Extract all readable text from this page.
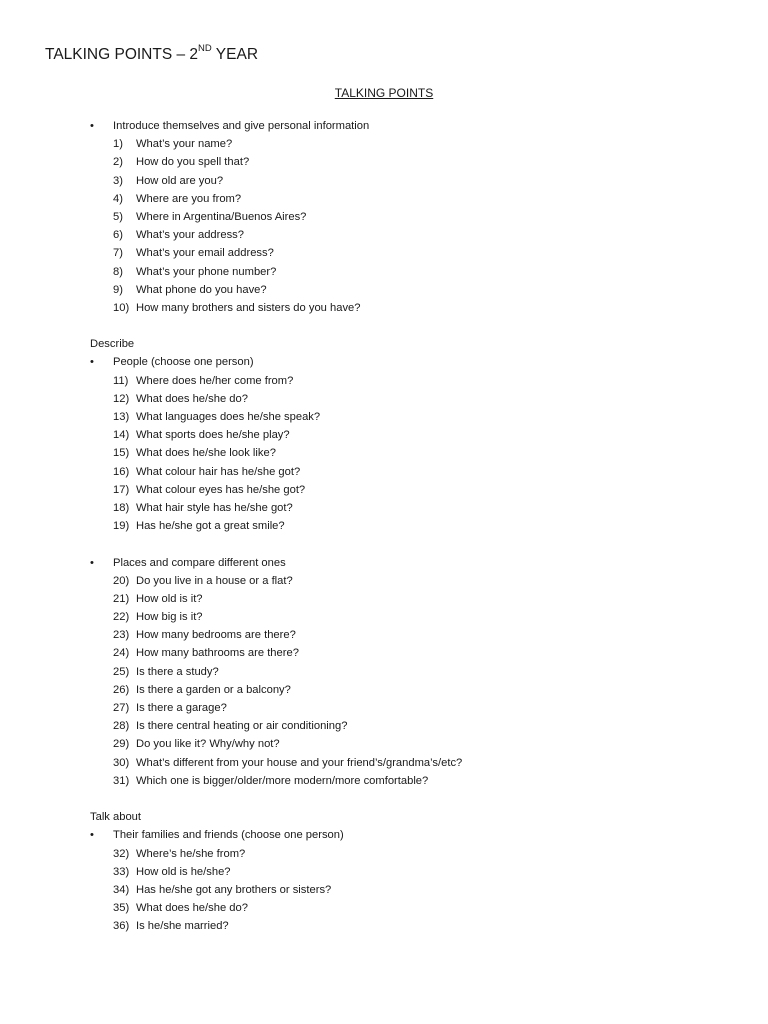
TALKING POINTS – 2ND YEAR
TALKING POINTS
• Introduce themselves and give personal information
1) What’s your name?
2) How do you spell that?
3) How old are you?
4) Where are you from?
5) Where in Argentina/Buenos Aires?
6) What’s your address?
7) What’s your email address?
8) What’s your phone number?
9) What phone do you have?
10) How many brothers and sisters do you have?
Describe
• People (choose one person)
11) Where does he/her come from?
12) What does he/she do?
13) What languages does he/she speak?
14) What sports does he/she play?
15) What does he/she look like?
16) What colour hair has he/she got?
17) What colour eyes has he/she got?
18) What hair style has he/she got?
19) Has he/she got a great smile?
• Places and compare different ones
20) Do you live in a house or a flat?
21) How old is it?
22) How big is it?
23) How many bedrooms are there?
24) How many bathrooms are there?
25) Is there a study?
26) Is there a garden or a balcony?
27) Is there a garage?
28) Is there central heating or air conditioning?
29) Do you like it? Why/why not?
30) What’s different from your house and your friend’s/grandma’s/etc?
31) Which one is bigger/older/more modern/more comfortable?
Talk about
• Their families and friends (choose one person)
32) Where’s he/she from?
33) How old is he/she?
34) Has he/she got any brothers or sisters?
35) What does he/she do?
36) Is he/she married?
